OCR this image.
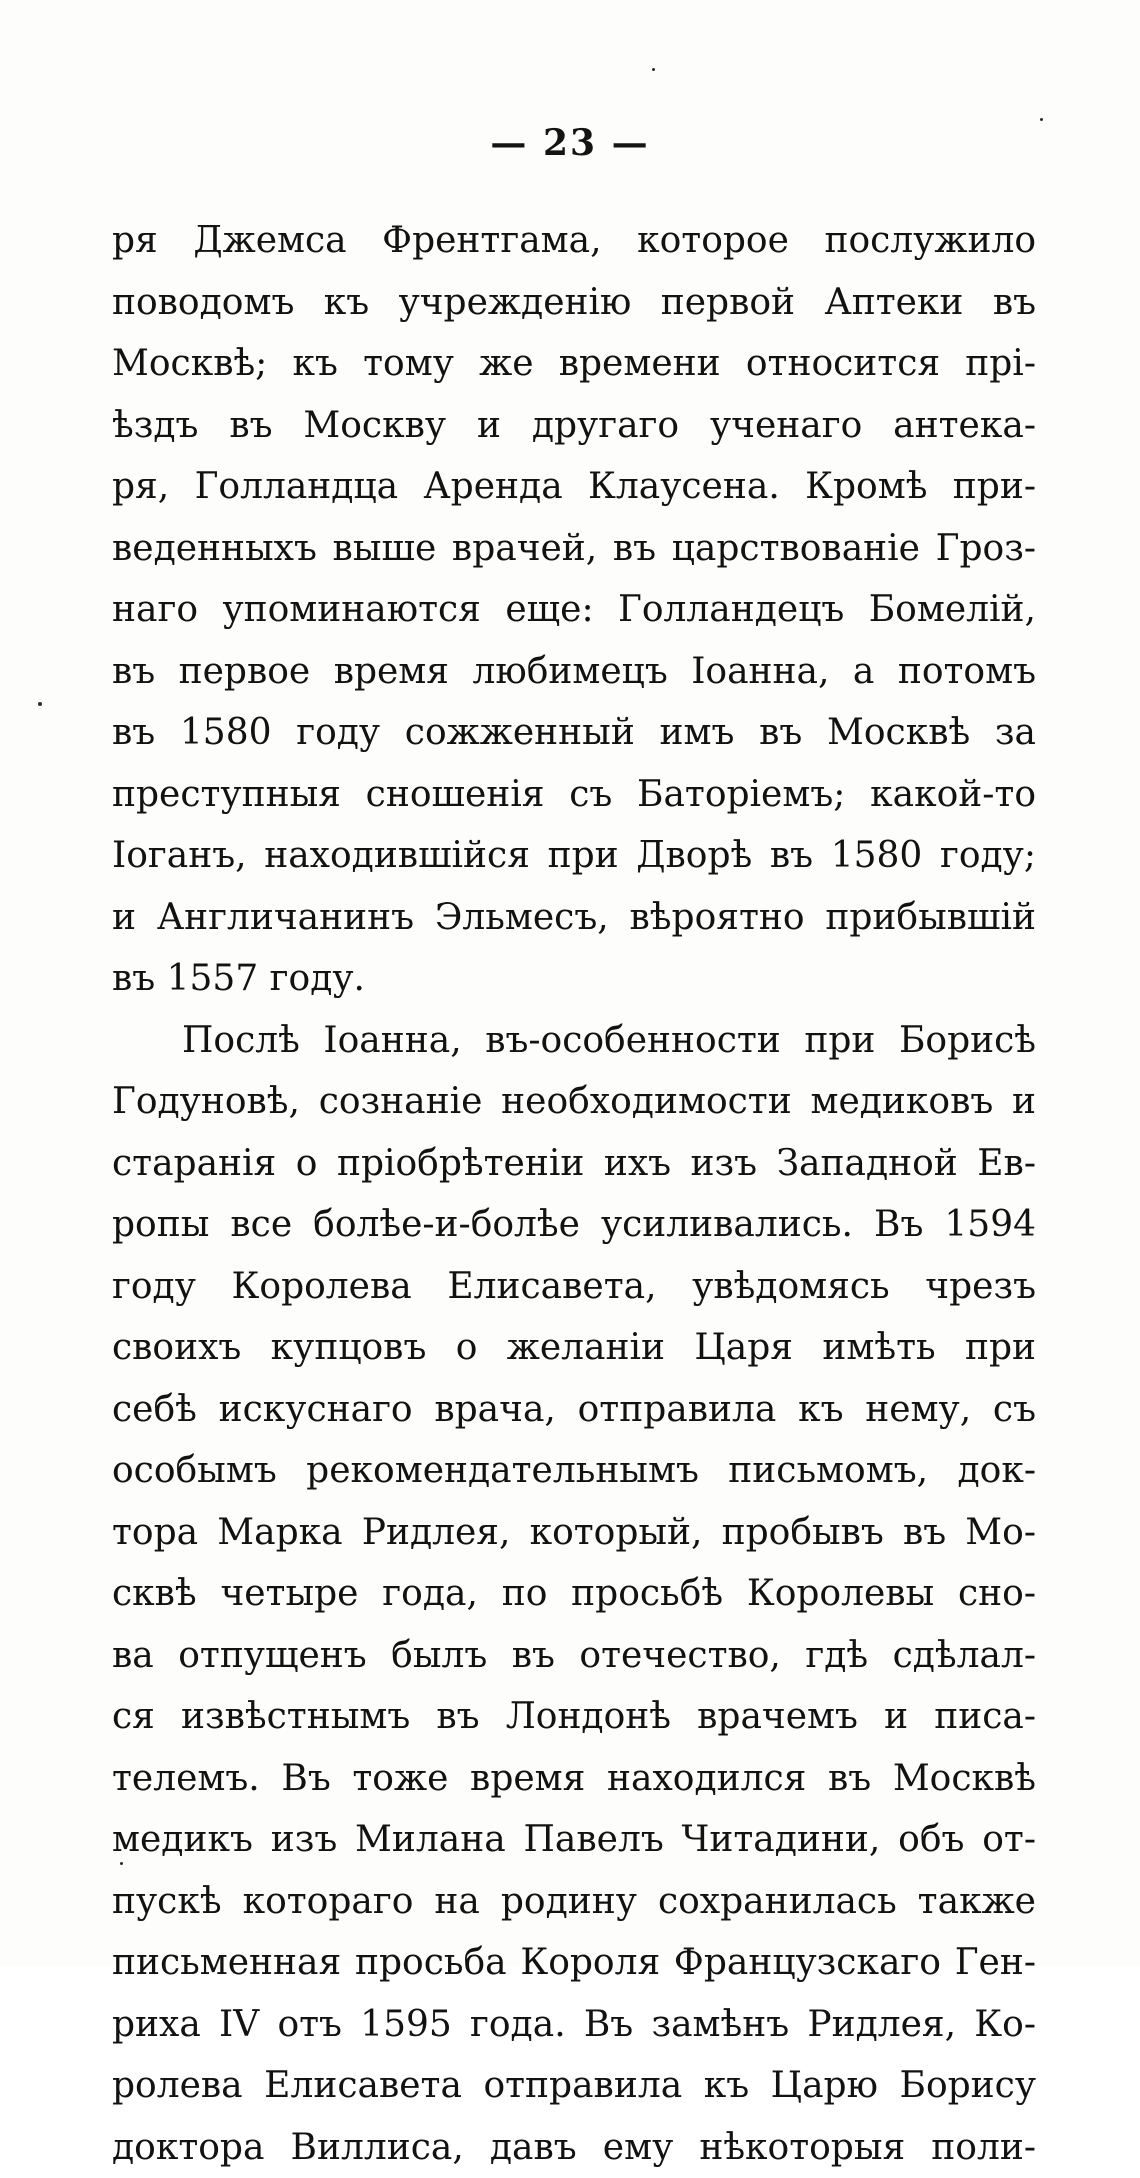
— 23 —
ря Джемса Френтгама, которое послужило
поводомъ къ учрежденію первой Аптеки въ
Москвѣ; къ тому же времени относится прі-
ѣздъ въ Москву и другаго ученаго антека-
ря, Голландца Аренда Клаусена. Кромѣ при-
веденныхъ выше врачей, въ царствованіе Гроз-
наго упоминаются еще: Голландецъ Бомелій,
въ первое время любимецъ Іоанна, а потомъ
въ 1580 году сожженный имъ въ Москвѣ за
преступныя сношенія съ Баторіемъ; какой-то
Іоганъ, находившійся при Дворѣ въ 1580 году;
и Англичанинъ Эльмесъ, вѣроятно прибывшій
въ 1557 году.
Послѣ Іоанна, въ-особенности при Борисѣ
Годуновѣ, сознаніе необходимости медиковъ и
старанія о пріобрѣтеніи ихъ изъ Западной Ев-
ропы все болѣе-и-болѣе усиливались. Въ 1594
году Королева Елисавета, увѣдомясь чрезъ
своихъ купцовъ о желаніи Царя имѣть при
себѣ искуснаго врача, отправила къ нему, съ
особымъ рекомендательнымъ письмомъ, док-
тора Марка Ридлея, который, пробывъ въ Мо-
сквѣ четыре года, по просьбѣ Королевы сно-
ва отпущенъ былъ въ отечество, гдѣ сдѣлал-
ся извѣстнымъ въ Лондонѣ врачемъ и писа-
телемъ. Въ тоже время находился въ Москвѣ
медикъ изъ Милана Павелъ Читадини, объ от-
пускѣ котораго на родину сохранилась также
письменная просьба Короля Французскаго Ген-
риха IV отъ 1595 года. Въ замѣнъ Ридлея, Ко-
ролева Елисавета отправила къ Царю Борису
доктора Виллиса, давъ ему нѣкоторыя поли-
